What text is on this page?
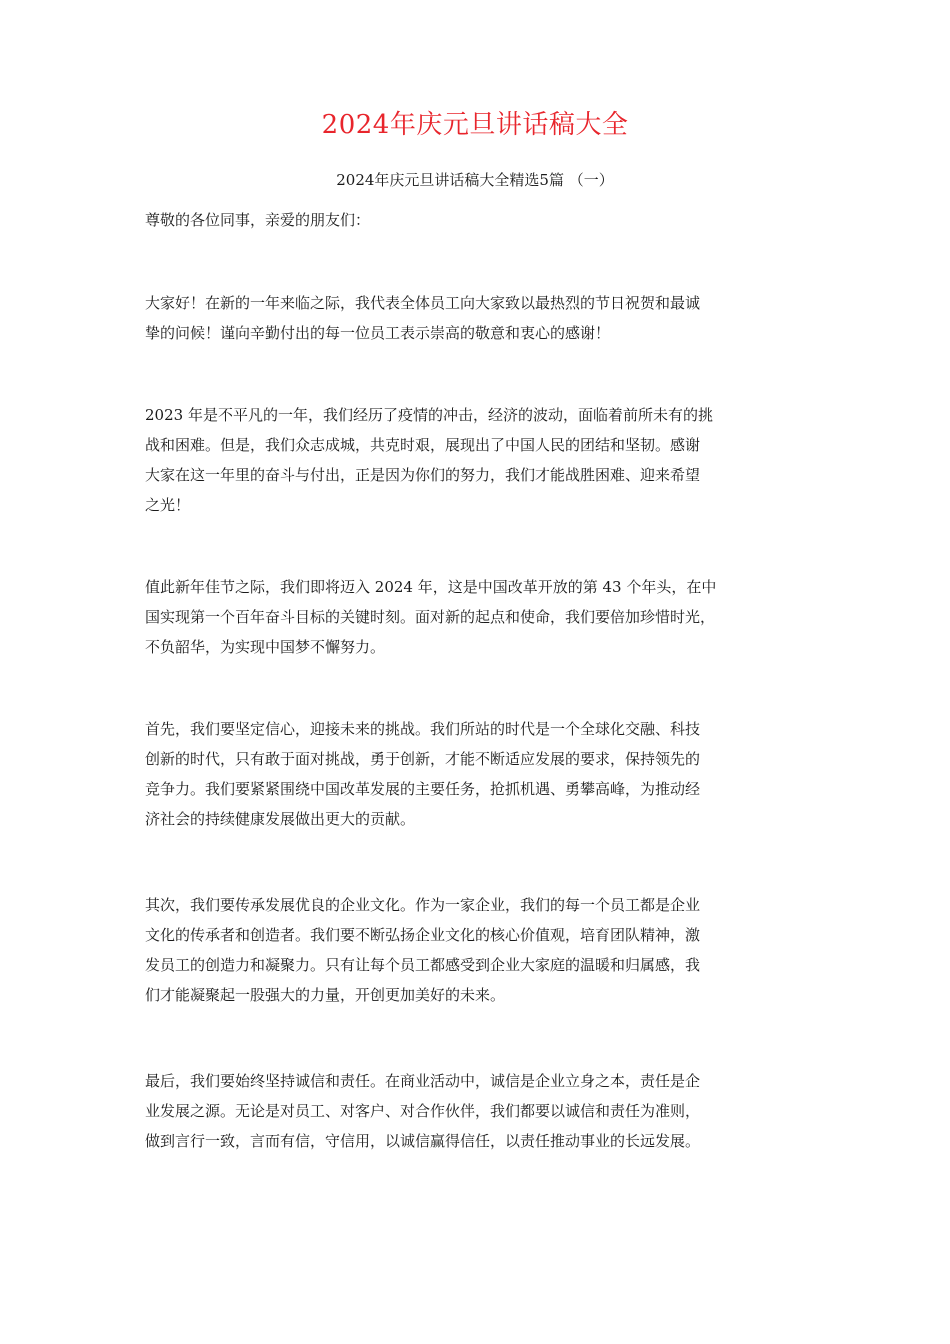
2024年庆元旦讲话稿大全
2024年庆元旦讲话稿大全精选5篇 （一）
尊敬的各位同事，亲爱的朋友们：

大家好！在新的一年来临之际，我代表全体员工向大家致以最热烈的节日祝贺和最诚
挚的问候！谨向辛勤付出的每一位员工表示崇高的敬意和衷心的感谢！

2023 年是不平凡的一年，我们经历了疫情的冲击，经济的波动，面临着前所未有的挑
战和困难。但是，我们众志成城，共克时艰，展现出了中国人民的团结和坚韧。感谢
大家在这一年里的奋斗与付出，正是因为你们的努力，我们才能战胜困难、迎来希望
之光！

值此新年佳节之际，我们即将迈入 2024 年，这是中国改革开放的第 43 个年头，在中
国实现第一个百年奋斗目标的关键时刻。面对新的起点和使命，我们要倍加珍惜时光，
不负韶华，为实现中国梦不懈努力。

首先，我们要坚定信心，迎接未来的挑战。我们所站的时代是一个全球化交融、科技
创新的时代，只有敢于面对挑战，勇于创新，才能不断适应发展的要求，保持领先的
竞争力。我们要紧紧围绕中国改革发展的主要任务，抢抓机遇、勇攀高峰，为推动经
济社会的持续健康发展做出更大的贡献。

其次，我们要传承发展优良的企业文化。作为一家企业，我们的每一个员工都是企业
文化的传承者和创造者。我们要不断弘扬企业文化的核心价值观，培育团队精神，激
发员工的创造力和凝聚力。只有让每个员工都感受到企业大家庭的温暖和归属感，我
们才能凝聚起一股强大的力量，开创更加美好的未来。

最后，我们要始终坚持诚信和责任。在商业活动中，诚信是企业立身之本，责任是企
业发展之源。无论是对员工、对客户、对合作伙伴，我们都要以诚信和责任为准则，
做到言行一致，言而有信，守信用，以诚信赢得信任，以责任推动事业的长远发展。
